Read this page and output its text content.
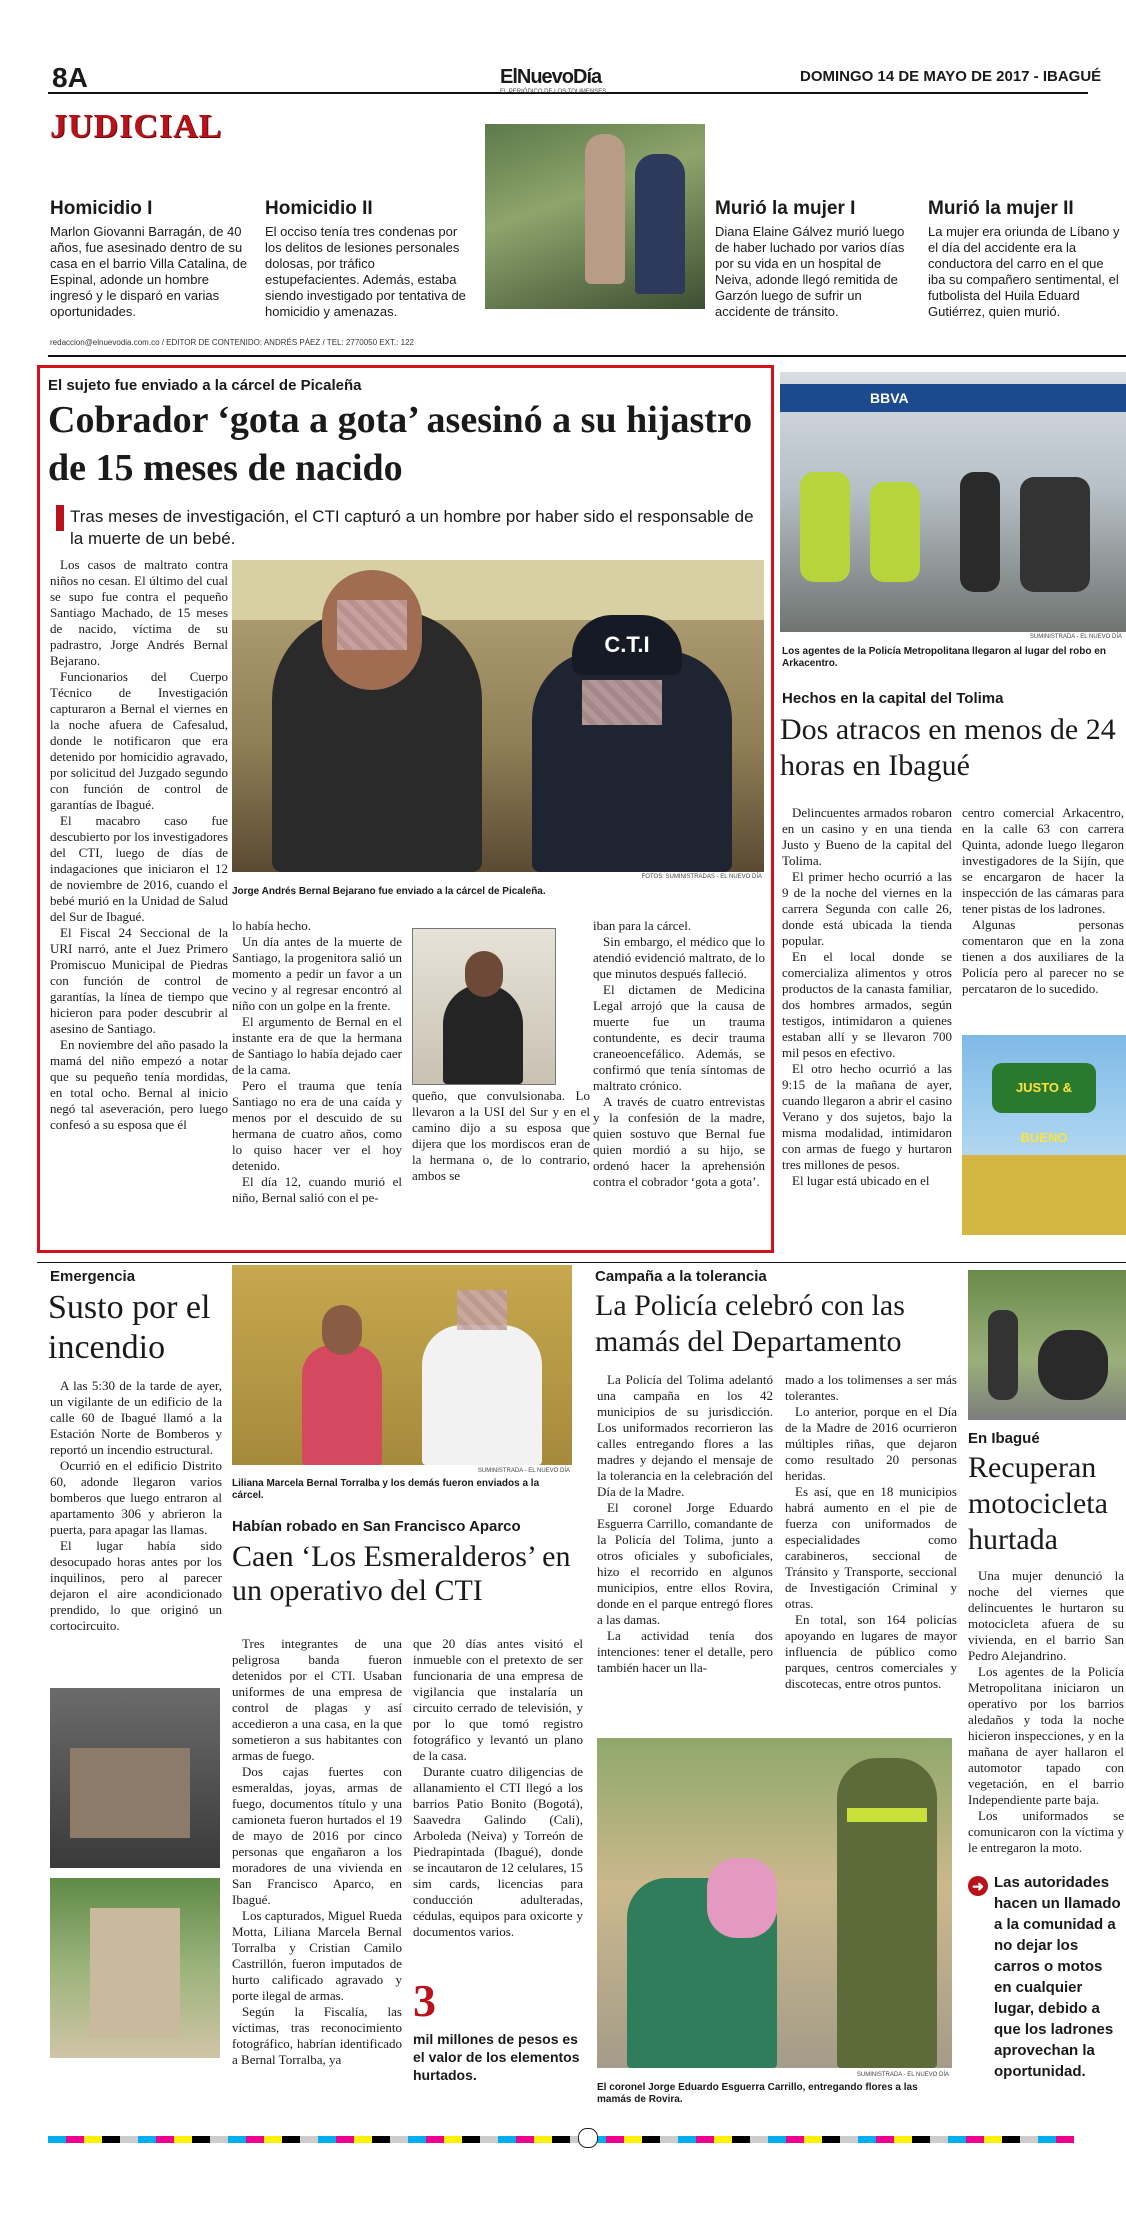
8A	ElNuevoDía
EL PERIÓDICO DE LOS TOLIMENSES
DOMINGO 14 DE MAYO DE 2017 - IBAGUÉ
JUDICIAL
Homicidio I

Marlon Giovanni Barragán, de 40 años, fue asesinado dentro de su casa en el barrio Villa Catalina, de Espinal, adonde un hombre ingresó y le disparó en varias oportunidades.

Homicidio II

El occiso tenía tres condenas por los delitos de lesiones personales dolosas, por tráfico estupefacientes. Además, estaba siendo investigado por tentativa de homicidio y amenazas.

Murió la mujer I

Diana Elaine Gálvez murió luego de haber luchado por varios días por su vida en un hospital de Neiva, adonde llegó remitida de Garzón luego de sufrir un accidente de tránsito.

Murió la mujer II

La mujer era oriunda de Líbano y el día del accidente era la conductora del carro en el que iba su compañero sentimental, el futbolista del Huila Eduard Gutiérrez, quien murió.

redaccion@elnuevodia.com.co / EDITOR DE CONTENIDO: ANDRÉS PÁEZ / TEL: 2770050 EXT.: 122
El sujeto fue enviado a la cárcel de Picaleña
Cobrador ‘gota a gota’ asesinó a su hijastro de 15 meses de nacido
Tras meses de investigación, el CTI capturó a un hombre por haber sido el responsable de la muerte de un bebé.

Los casos de maltrato contra niños no cesan. El último del cual se supo fue contra el pequeño Santiago Machado, de 15 meses de nacido, víctima de su padrastro, Jorge Andrés Bernal Bejarano.

Funcionarios del Cuerpo Técnico de Investigación capturaron a Bernal el viernes en la noche afuera de Cafesalud, donde le notificaron que era detenido por homicidio agravado, por solicitud del Juzgado segundo con función de control de garantías de Ibagué.

El macabro caso fue descubierto por los investigadores del CTI, luego de días de indagaciones que iniciaron el 12 de noviembre de 2016, cuando el bebé murió en la Unidad de Salud del Sur de Ibagué.

El Fiscal 24 Seccional de la URI narró, ante el Juez Primero Promiscuo Municipal de Piedras con función de control de garantías, la línea de tiempo que hicieron para poder descubrir al asesino de Santiago.

En noviembre del año pasado la mamá del niño empezó a notar que su pequeño tenía mordidas, en total ocho. Bernal al inicio negó tal aseveración, pero luego confesó a su esposa que él

C.T.I
FOTOS: SUMINISTRADAS - EL NUEVO DÍA
Jorge Andrés Bernal Bejarano fue enviado a la cárcel de Picaleña.

lo había hecho.

Un día antes de la muerte de Santiago, la progenitora salió un momento a pedir un favor a un vecino y al regresar encontró al niño con un golpe en la frente.

El argumento de Bernal en el instante era de que la hermana de Santiago lo había dejado caer de la cama.

Pero el trauma que tenía Santiago no era de una caída y menos por el descuido de su hermana de cuatro años, como lo quiso hacer ver el hoy detenido.

El día 12, cuando murió el niño, Bernal salió con el pe-

queño, que convulsionaba. Lo llevaron a la USI del Sur y en el camino dijo a su esposa que dijera que los mordiscos eran de la hermana o, de lo contrario, ambos se

iban para la cárcel.

Sin embargo, el médico que lo atendió evidenció maltrato, de lo que minutos después falleció.

El dictamen de Medicina Legal arrojó que la causa de muerte fue un trauma contundente, es decir trauma craneoencefálico. Además, se confirmó que tenía síntomas de maltrato crónico.

A través de cuatro entrevistas y la confesión de la madre, quien sostuvo que Bernal fue quien mordió a su hijo, se ordenó hacer la aprehensión contra el cobrador ‘gota a gota’.

BBVA
SUMINISTRADA - EL NUEVO DÍA
Los agentes de la Policía Metropolitana llegaron al lugar del robo en Arkacentro.
Hechos en la capital del Tolima
Dos atracos en menos de 24 horas en Ibagué

Delincuentes armados robaron en un casino y en una tienda Justo y Bueno de la capital del Tolima.

El primer hecho ocurrió a las 9 de la noche del viernes en la carrera Segunda con calle 26, donde está ubicada la tienda popular.

En el local donde se comercializa alimentos y otros productos de la canasta familiar, dos hombres armados, según testigos, intimidaron a quienes estaban allí y se llevaron 700 mil pesos en efectivo.

El otro hecho ocurrió a las 9:15 de la mañana de ayer, cuando llegaron a abrir el casino Verano y dos sujetos, bajo la misma modalidad, intimidaron con armas de fuego y hurtaron tres millones de pesos.

El lugar está ubicado en el

centro comercial Arkacentro, en la calle 63 con carrera Quinta, adonde luego llegaron investigadores de la Sijín, que se encargaron de hacer la inspección de las cámaras para tener pistas de los ladrones.

Algunas personas comentaron que en la zona tienen a dos auxiliares de la Policía pero al parecer no se percataron de lo sucedido.

JUSTO & BUENO
Emergencia
Susto por el incendio

A las 5:30 de la tarde de ayer, un vigilante de un edificio de la calle 60 de Ibagué llamó a la Estación Norte de Bomberos y reportó un incendio estructural.

Ocurrió en el edificio Distrito 60, adonde llegaron varios bomberos que luego entraron al apartamento 306 y abrieron la puerta, para apagar las llamas.

El lugar había sido desocupado horas antes por los inquilinos, pero al parecer dejaron el aire acondicionado prendido, lo que originó un cortocircuito.

SUMINISTRADA - EL NUEVO DÍA
Liliana Marcela Bernal Torralba y los demás fueron enviados a la cárcel.
Habían robado en San Francisco Aparco
Caen ‘Los Esmeralderos’ en un operativo del CTI

Tres integrantes de una peligrosa banda fueron detenidos por el CTI. Usaban uniformes de una empresa de control de plagas y así accedieron a una casa, en la que sometieron a sus habitantes con armas de fuego.

Dos cajas fuertes con esmeraldas, joyas, armas de fuego, documentos título y una camioneta fueron hurtados el 19 de mayo de 2016 por cinco personas que engañaron a los moradores de una vivienda en San Francisco Aparco, en Ibagué.

Los capturados, Miguel Rueda Motta, Liliana Marcela Bernal Torralba y Cristian Camilo Castrillón, fueron imputados de hurto calificado agravado y porte ilegal de armas.

Según la Fiscalía, las víctimas, tras reconocimiento fotográfico, habrían identificado a Bernal Torralba, ya

que 20 días antes visitó el inmueble con el pretexto de ser funcionaria de una empresa de vigilancia que instalaría un circuito cerrado de televisión, y por lo que tomó registro fotográfico y levantó un plano de la casa.

Durante cuatro diligencias de allanamiento el CTI llegó a los barrios Patio Bonito (Bogotá), Saavedra Galindo (Cali), Arboleda (Neiva) y Torreón de Piedrapintada (Ibagué), donde se incautaron de 12 celulares, 15 sim cards, licencias para conducción adulteradas, cédulas, equipos para oxicorte y documentos varios.

3
mil millones de pesos es el valor de los elementos hurtados.
Campaña a la tolerancia
La Policía celebró con las mamás del Departamento

La Policía del Tolima adelantó una campaña en los 42 municipios de su jurisdicción. Los uniformados recorrieron las calles entregando flores a las madres y dejando el mensaje de la tolerancia en la celebración del Día de la Madre.

El coronel Jorge Eduardo Esguerra Carrillo, comandante de la Policía del Tolima, junto a otros oficiales y suboficiales, hizo el recorrido en algunos municipios, entre ellos Rovira, donde en el parque entregó flores a las damas.

La actividad tenía dos intenciones: tener el detalle, pero también hacer un lla-

mado a los tolimenses a ser más tolerantes.

Lo anterior, porque en el Día de la Madre de 2016 ocurrieron múltiples riñas, que dejaron como resultado 20 personas heridas.

Es así, que en 18 municipios habrá aumento en el pie de fuerza con uniformados de especialidades como carabineros, seccional de Tránsito y Transporte, seccional de Investigación Criminal y otras.

En total, son 164 policías apoyando en lugares de mayor influencia de público como parques, centros comerciales y discotecas, entre otros puntos.

SUMINISTRADA - EL NUEVO DÍA
El coronel Jorge Eduardo Esguerra Carrillo, entregando flores a las mamás de Rovira.
En Ibagué
Recuperan motocicleta hurtada

Una mujer denunció la noche del viernes que delincuentes le hurtaron su motocicleta afuera de su vivienda, en el barrio San Pedro Alejandrino.

Los agentes de la Policía Metropolitana iniciaron un operativo por los barrios aledaños y toda la noche hicieron inspecciones, y en la mañana de ayer hallaron el automotor tapado con vegetación, en el barrio Independiente parte baja.

Los uniformados se comunicaron con la víctima y le entregaron la moto.

➜ Las autoridades hacen un llamado a la comunidad a no dejar los carros o motos en cualquier lugar, debido a que los ladrones aprovechan la oportunidad.
